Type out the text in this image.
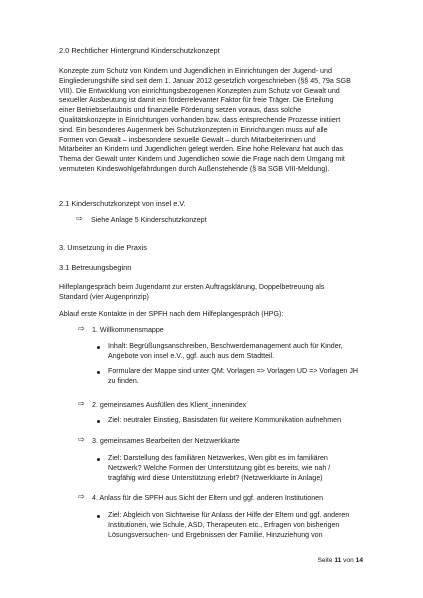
2.0 Rechtlicher Hintergrund Kinderschutzkonzept
Konzepte zum Schutz von Kindern und Jugendlichen in Einrichtungen der Jugend- und
Eingliederungshilfe sind seit dem 1. Januar 2012 gesetzlich vorgeschrieben (§§ 45, 79a SGB
VIII). Die Entwicklung von einrichtungsbezogenen Konzepten zum Schutz vor Gewalt und
sexueller Ausbeutung ist damit ein förderrelevanter Faktor für freie Träger. Die Erteilung
einer Betriebserlaubnis und finanzielle Förderung setzen voraus, dass solche
Qualitätskonzepte in Einrichtungen vorhanden bzw. dass entsprechende Prozesse initiiert
sind. Ein besonderes Augenmerk bei Schutzkonzepten in Einrichtungen muss auf alle
Formen von Gewalt – insbesondere sexuelle Gewalt – durch Mitarbeiterinnen und
Mitarbeiter an Kindern und Jugendlichen gelegt werden. Eine hohe Relevanz hat auch das
Thema der Gewalt unter Kindern und Jugendlichen sowie die Frage nach dem Umgang mit
vermuteten Kindeswohlgefährdungen durch Außenstehende (§ 8a SGB VIII-Meldung).
2.1 Kinderschutzkonzept von insel e.V.
⇨ Siehe Anlage 5 Kinderschutzkonzept
3. Umsetzung in die Praxis
3.1 Betreuungsbeginn
Hilfeplangespräch beim Jugendamt zur ersten Auftragsklärung, Doppelbetreuung als
Standard (vier Augenprinzip)
Ablauf erste Kontakte in der SPFH nach dem Hilfeplangespräch (HPG):
⇨ 1. Willkommensmappe
Inhalt: Begrüßungsanschreiben, Beschwerdemanagement auch für Kinder,
Angebote von insel e.V., ggf. auch aus dem Stadtteil.
Formulare der Mappe sind unter QM: Vorlagen => Vorlagen UD => Vorlagen JH
zu finden.
⇨ 2. gemeinsames Ausfüllen des Klient_innenindex
Ziel: neutraler Einstieg, Basisdaten für weitere Kommunikation aufnehmen
⇨ 3. gemeinsames Bearbeiten der Netzwerkkarte
Ziel: Darstellung des familiären Netzwerkes, Wen gibt es im familiären
Netzwerk? Welche Formen der Unterstützung gibt es bereits, wie nah /
tragfähig wird diese Unterstützung erlebt? (Netzwerkkarte in Anlage)
⇨ 4. Anlass für die SPFH aus Sicht der Eltern und ggf. anderen Institutionen
Ziel: Abgleich von Sichtweise für Anlass der Hilfe der Eltern und ggf. anderen
Institutionen, wie Schule, ASD, Therapeuten etc., Erfragen von bisherigen
Lösungsversuchen- und Ergebnissen der Familie, Hinzuziehung von
Seite 11 von 14
